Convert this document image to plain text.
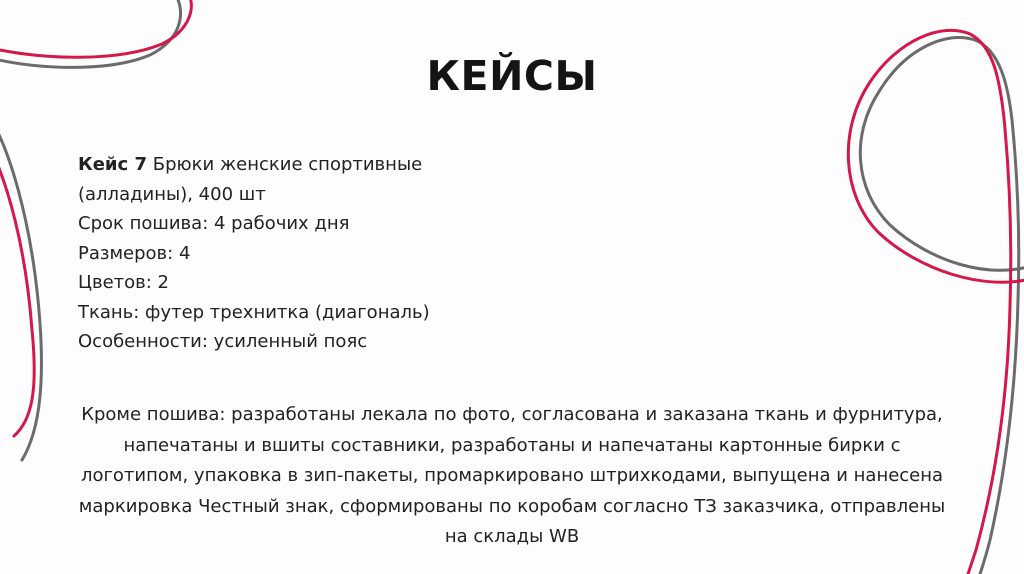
КЕЙСЫ
Кейс 7 Брюки женские спортивные
(алладины), 400 шт
Срок пошива: 4 рабочих дня
Размеров: 4
Цветов: 2
Ткань: футер трехнитка (диагональ)
Особенности: усиленный пояс
Кроме пошива: разработаны лекала по фото, согласована и заказана ткань и фурнитура,
напечатаны и вшиты составники, разработаны и напечатаны картонные бирки с
логотипом, упаковка в зип-пакеты, промаркировано штрихкодами, выпущена и нанесена
маркировка Честный знак, сформированы по коробам согласно ТЗ заказчика, отправлены
на склады WB
